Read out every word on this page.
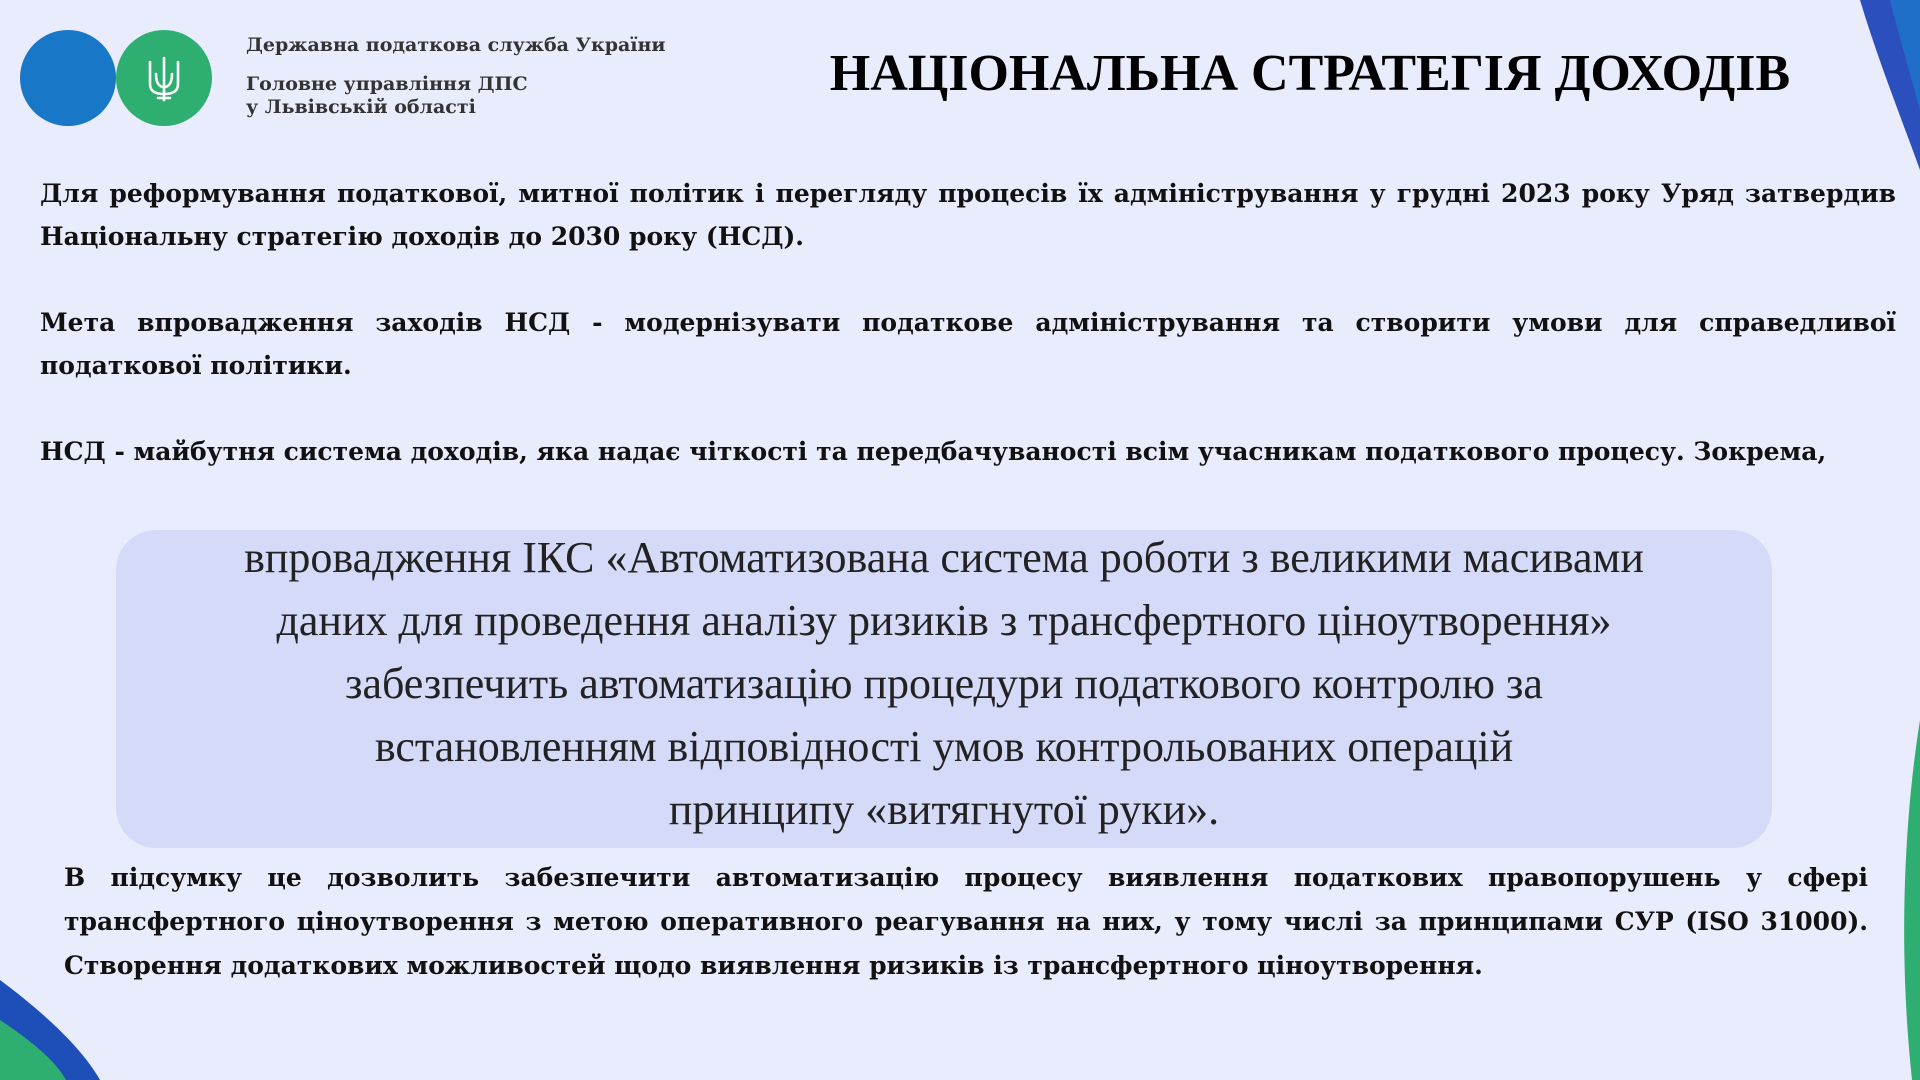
Державна податкова служба України
Головне управління ДПС
у Львівській області
НАЦІОНАЛЬНА СТРАТЕГІЯ ДОХОДІВ
Для реформування податкової, митної політик і перегляду процесів їх адміністрування у грудні 2023 року Уряд затвердив Національну стратегію доходів до 2030 року (НСД).
Мета впровадження заходів НСД - модернізувати податкове адміністрування та створити умови для справедливої податкової політики.
НСД - майбутня система доходів, яка надає чіткості та передбачуваності всім учасникам податкового процесу. Зокрема,
впровадження ІКС «Автоматизована система роботи з великими масивами
даних для проведення аналізу ризиків з трансфертного ціноутворення»
забезпечить автоматизацію процедури податкового контролю за
встановленням відповідності умов контрольованих операцій
принципу «витягнутої руки».
В підсумку це дозволить забезпечити автоматизацію процесу виявлення податкових правопорушень у сфері трансфертного ціноутворення з метою оперативного реагування на них, у тому числі за принципами СУР (ISO 31000). Створення додаткових можливостей щодо виявлення ризиків із трансфертного ціноутворення.
